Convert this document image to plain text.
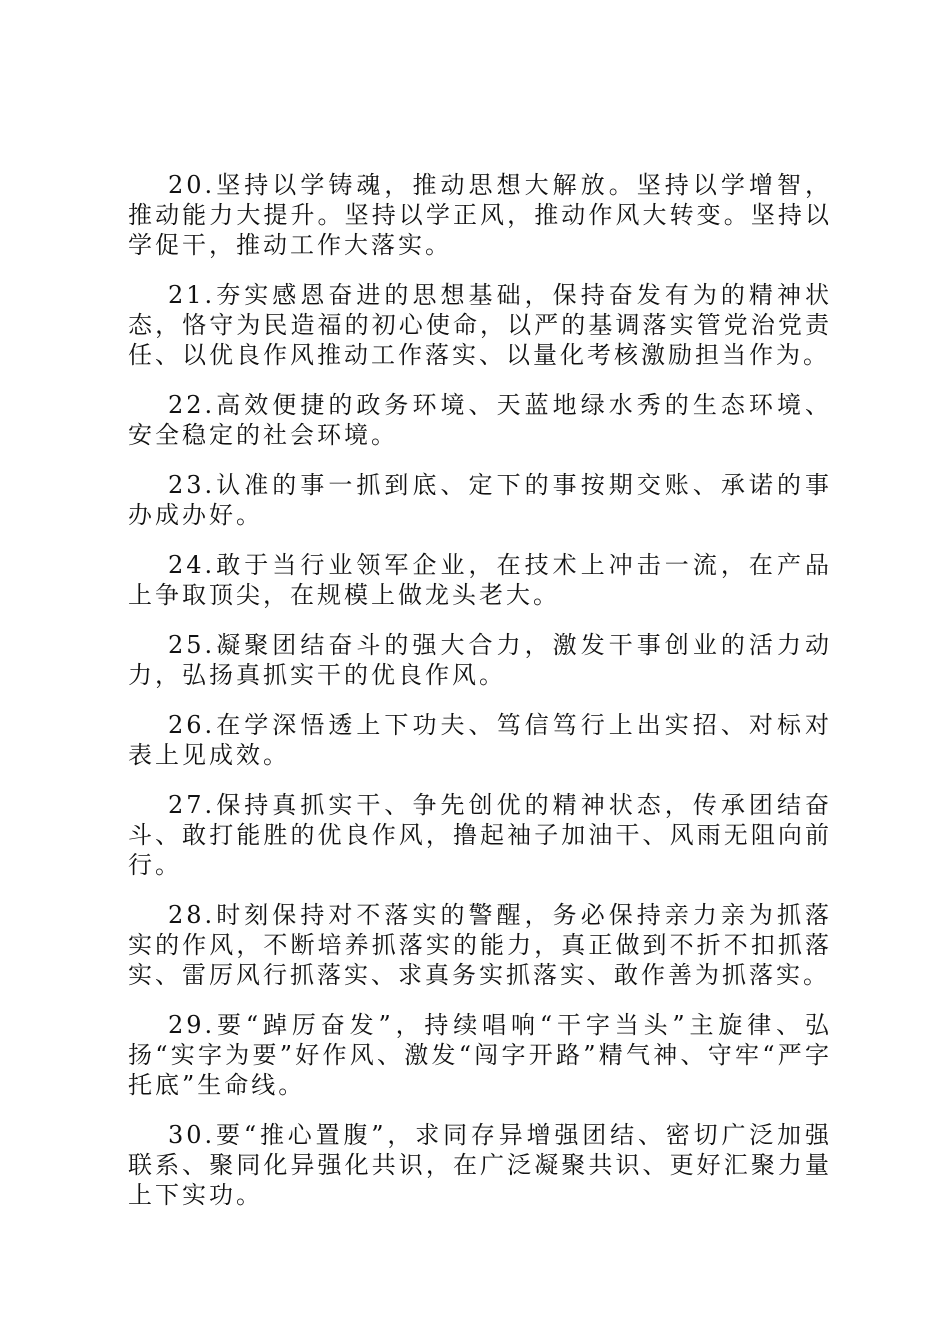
20.坚持以学铸魂，推动思想大解放。坚持以学增智，推动能力大提升。坚持以学正风，推动作风大转变。坚持以学促干，推动工作大落实。

21.夯实感恩奋进的思想基础，保持奋发有为的精神状态，恪守为民造福的初心使命，以严的基调落实管党治党责任、以优良作风推动工作落实、以量化考核激励担当作为。

22.高效便捷的政务环境、天蓝地绿水秀的生态环境、安全稳定的社会环境。

23.认准的事一抓到底、定下的事按期交账、承诺的事办成办好。

24.敢于当行业领军企业，在技术上冲击一流，在产品上争取顶尖，在规模上做龙头老大。

25.凝聚团结奋斗的强大合力，激发干事创业的活力动力，弘扬真抓实干的优良作风。

26.在学深悟透上下功夫、笃信笃行上出实招、对标对表上见成效。

27.保持真抓实干、争先创优的精神状态，传承团结奋斗、敢打能胜的优良作风，撸起袖子加油干、风雨无阻向前行。

28.时刻保持对不落实的警醒，务必保持亲力亲为抓落实的作风，不断培养抓落实的能力，真正做到不折不扣抓落实、雷厉风行抓落实、求真务实抓落实、敢作善为抓落实。

29.要“踔厉奋发”，持续唱响“干字当头”主旋律、弘扬“实字为要”好作风、激发“闯字开路”精气神、守牢“严字托底”生命线。

30.要“推心置腹”，求同存异增强团结、密切广泛加强联系、聚同化异强化共识，在广泛凝聚共识、更好汇聚力量上下实功。
